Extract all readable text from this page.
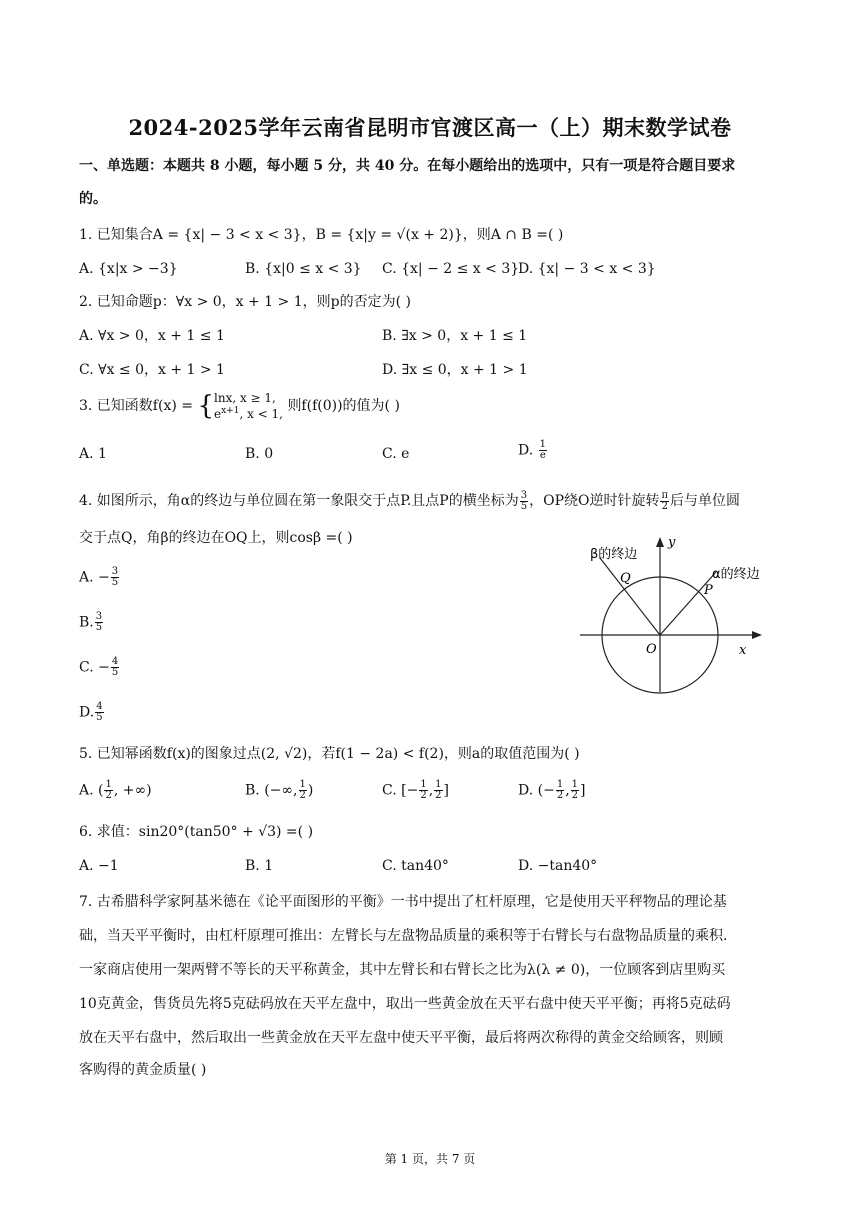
2024-2025学年云南省昆明市官渡区高一（上）期末数学试卷
一、单选题：本题共 8 小题，每小题 5 分，共 40 分。在每小题给出的选项中，只有一项是符合题目要求
的。
1. 已知集合A = {x| − 3 < x < 3}，B = {x|y = √(x + 2)}，则A ∩ B =( )
A. {x|x > −3}	B. {x|0 ≤ x < 3} C. {x| − 2 ≤ x < 3}
D. {x| − 3 < x < 3}
2. 已知命题p：∀x > 0，x + 1 > 1，则p的否定为( )
A. ∀x > 0，x + 1 ≤ 1	B. ∃x > 0，x + 1 ≤ 1
C. ∀x ≤ 0，x + 1 > 1	D. ∃x ≤ 0，x + 1 > 1
3. 已知函数f(x) = { lnx, x ≥ 1,
$e^{x+1}$, x < 1, 则f(f(0))的值为( )
A. 1	B. 0	C. e	D. $\frac{1}{e}$
4. 如图所示，角α的终边与单位圆在第一象限交于点P.且点P的横坐标为 $\frac{3}{5}$ ，OP绕O逆时针旋转 $\frac{\pi}{2}$ 后与单位圆
交于点Q，角β的终边在OQ上，则cosβ =( )
A. − $\frac{3}{5}$
B. $\frac{3}{5}$
C. − $\frac{4}{5}$
D. $\frac{4}{5}$
β的终边
α的终边
Q
P
O	x
y
5. 已知幂函数f(x)的图象过点(2, √2)，若f(1 − 2a) < f(2)，则a的取值范围为( )
A. ( $\frac{1}{2}$ , +∞)	B. (−∞, $\frac{1}{2}$ )	C. [− $\frac{1}{2}$ , $\frac{1}{2}$ ]	D. (− $\frac{1}{2}$ , $\frac{1}{2}$ ]
6. 求值：sin20°(tan50° + √3) =( )
A. −1	B. 1	C. tan40°	D. −tan40°
7. 古希腊科学家阿基米德在《论平面图形的平衡》一书中提出了杠杆原理，它是使用天平秤物品的理论基
础，当天平平衡时，由杠杆原理可推出：左臂长与左盘物品质量的乘积等于右臂长与右盘物品质量的乘积.
一家商店使用一架两臂不等长的天平称黄金，其中左臂长和右臂长之比为λ(λ ≠ 0)，一位顾客到店里购买
10克黄金，售货员先将5克砝码放在天平左盘中，取出一些黄金放在天平右盘中使天平平衡；再将5克砝码
放在天平右盘中，然后取出一些黄金放在天平左盘中使天平平衡，最后将两次称得的黄金交给顾客，则顾
客购得的黄金质量( )
第 1 页，共 7 页
